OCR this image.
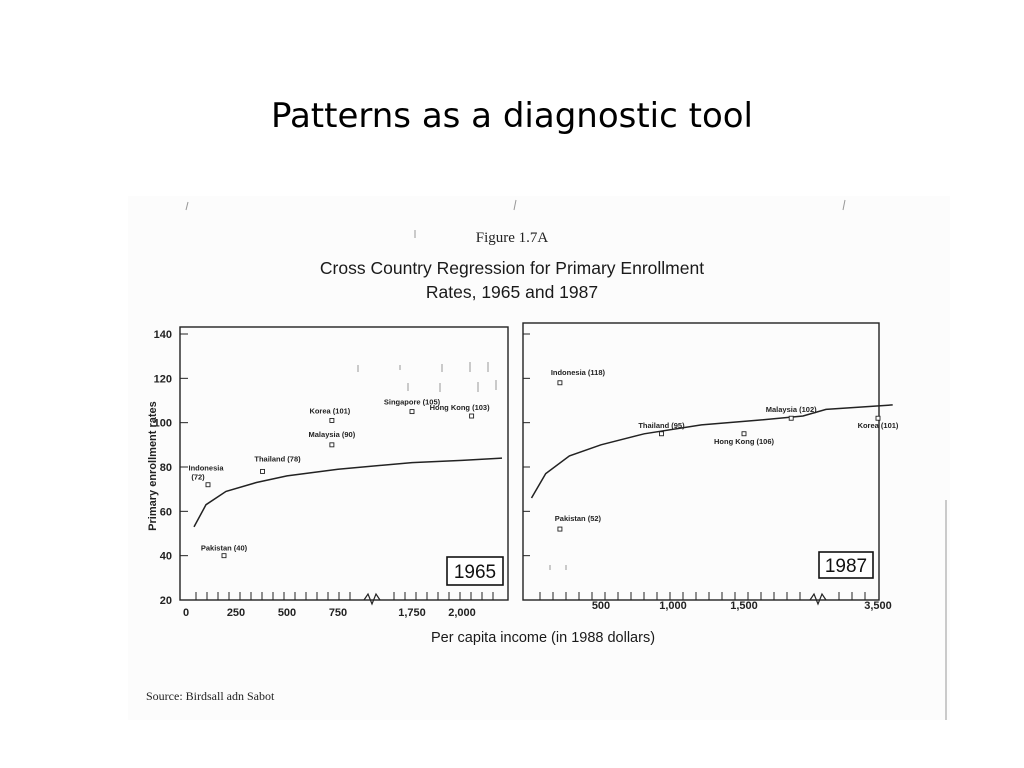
Patterns as a diagnostic tool
Figure 1.7A
Cross Country Regression for Primary Enrollment
Rates, 1965 and 1987
20
40
60
80
100
120
140
Primary enrollment rates
0	250	500	750	1,750 2,000
500	1,000	1,500	3,500
Pakistan (40)
Indonesia
(72)
Thailand (78)
Malaysia (90)
Korea (101)
Singapore (105)
Hong Kong (103)
Indonesia (118)
Pakistan (52)
Thailand (95)
Hong Kong (106)
Malaysia (102)
Korea (101)
1965	1987
Per capita income (in 1988 dollars)
Source: Birdsall adn Sabot
